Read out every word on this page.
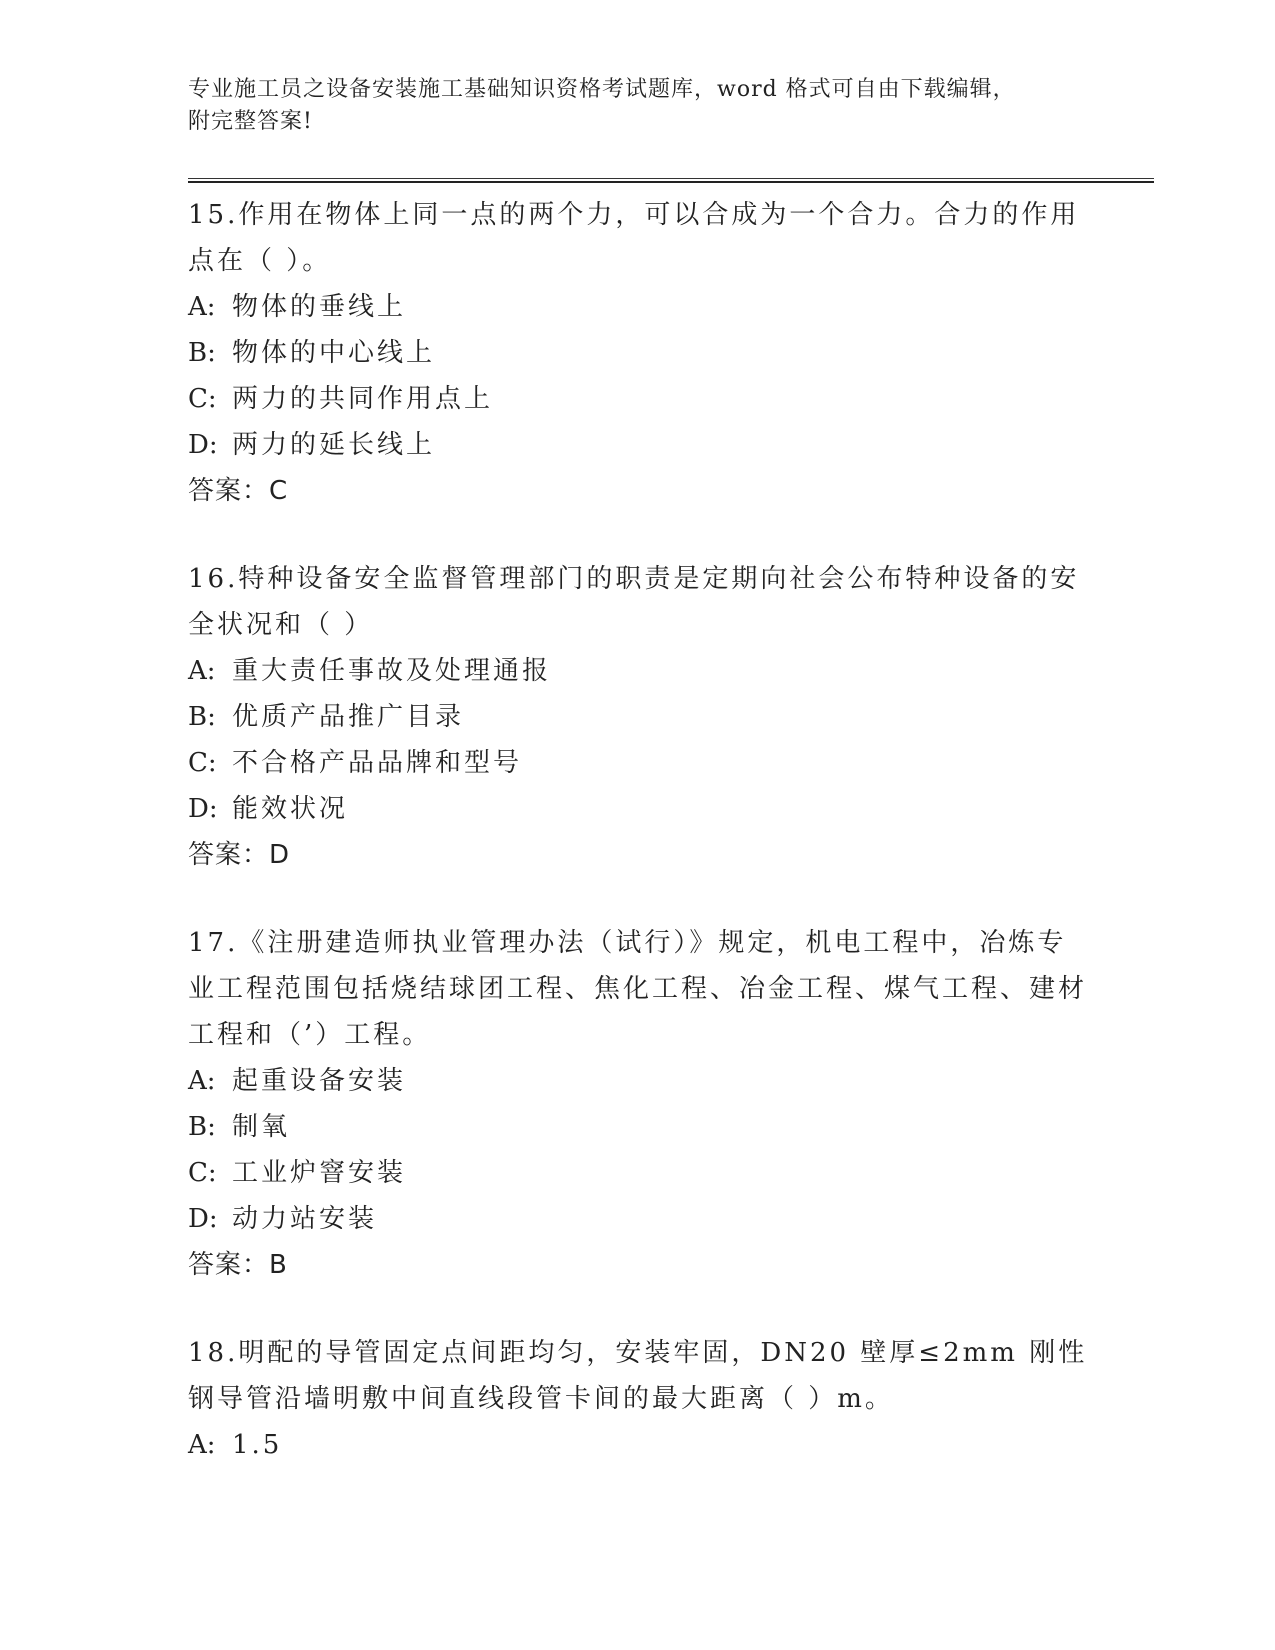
专业施工员之设备安装施工基础知识资格考试题库，word 格式可自由下载编辑，
附完整答案!

15.作用在物体上同一点的两个力，可以合成为一个合力。合力的作用点在（ ）。

A: 物体的垂线上

B: 物体的中心线上

C: 两力的共同作用点上

D: 两力的延长线上

答案：C

16.特种设备安全监督管理部门的职责是定期向社会公布特种设备的安全状况和（ ）

A: 重大责任事故及处理通报

B: 优质产品推广目录

C: 不合格产品品牌和型号

D: 能效状况

答案：D

17.《注册建造师执业管理办法（试行）》规定，机电工程中，冶炼专业工程范围包括烧结球团工程、焦化工程、冶金工程、煤气工程、建材工程和（’）工程。

A: 起重设备安装

B: 制氧

C: 工业炉窨安装

D: 动力站安装

答案：B

18.明配的导管固定点间距均匀，安装牢固，DN20 壁厚≤2mm 刚性钢导管沿墙明敷中间直线段管卡间的最大距离（ ）m。

A: 1.5
